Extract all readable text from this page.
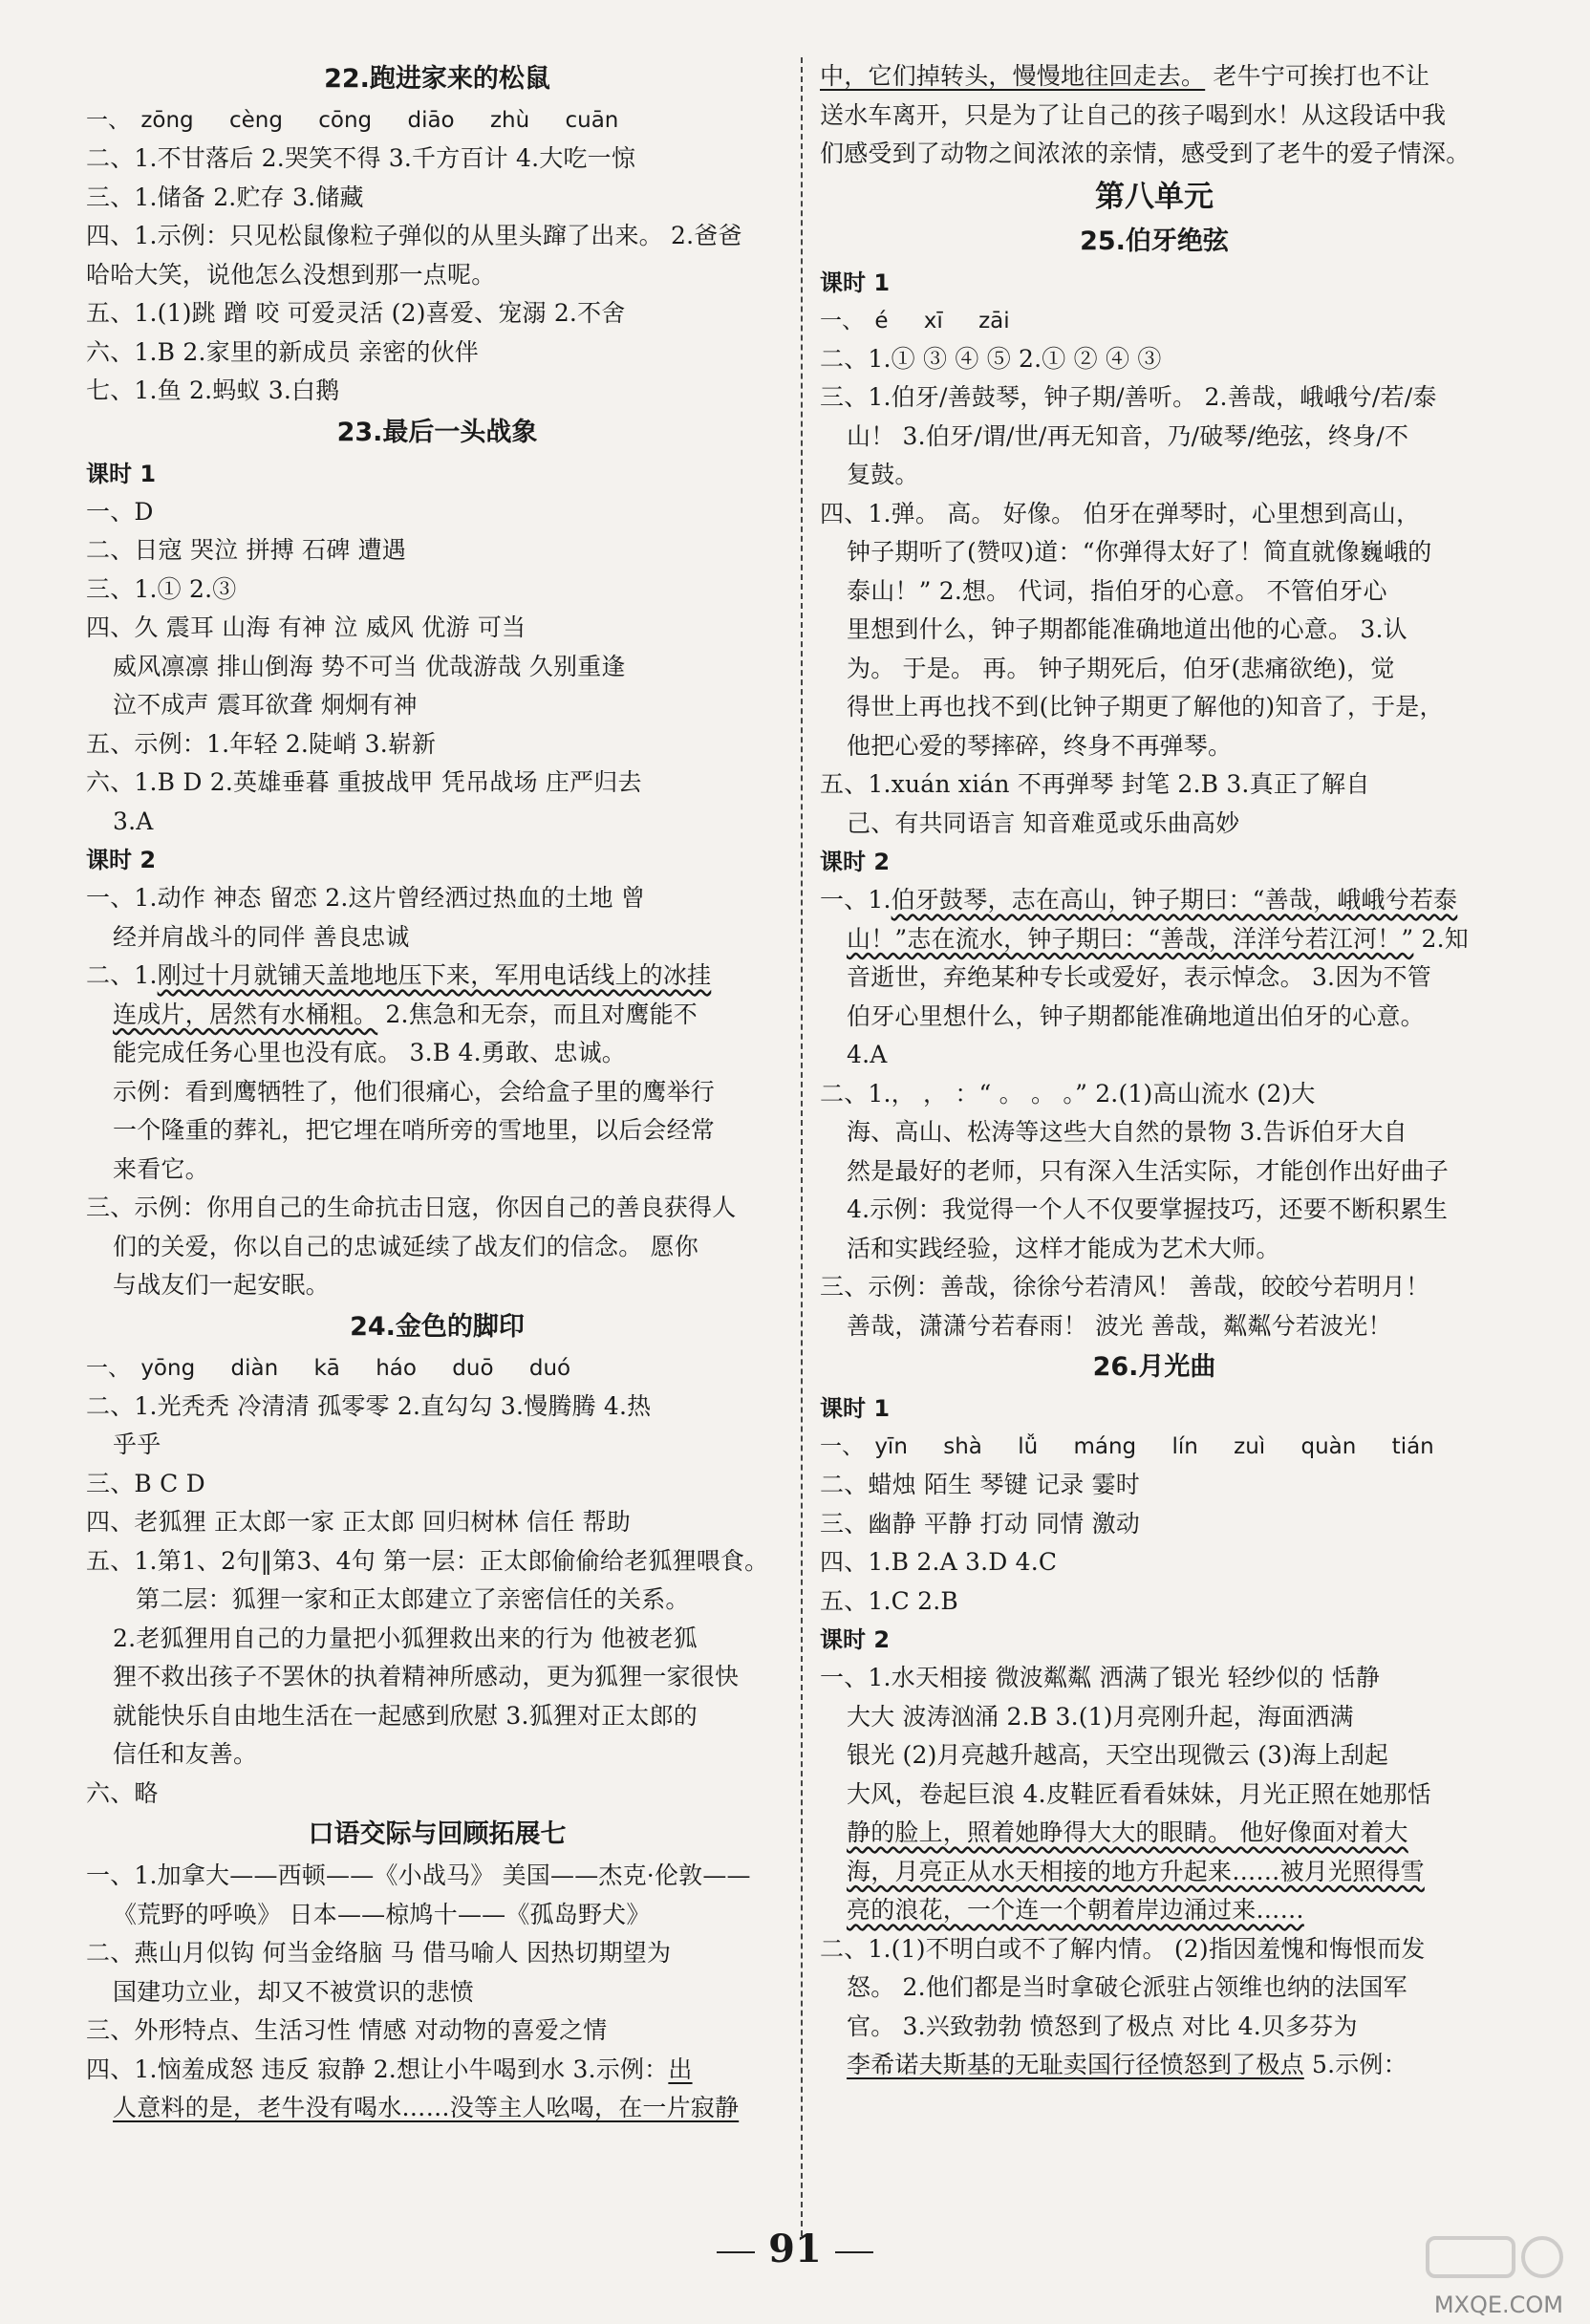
22.跑进家来的松鼠
一、 zōng cèng cōng diāo zhù cuān
二、1.不甘落后 2.哭笑不得 3.千方百计 4.大吃一惊
三、1.储备 2.贮存 3.储藏
四、1.示例：只见松鼠像粒子弹似的从里头蹿了出来。 2.爸爸
哈哈大笑，说他怎么没想到那一点呢。
五、1.(1)跳 蹭 咬 可爱灵活 (2)喜爱、宠溺 2.不舍
六、1.B 2.家里的新成员 亲密的伙伴
七、1.鱼 2.蚂蚁 3.白鹅
23.最后一头战象
课时 1
一、D
二、日寇 哭泣 拼搏 石碑 遭遇
三、1.① 2.③
四、久 震耳 山海 有神 泣 威风 优游 可当
威风凛凛 排山倒海 势不可当 优哉游哉 久别重逢
泣不成声 震耳欲聋 炯炯有神
五、示例：1.年轻 2.陡峭 3.崭新
六、1.B D 2.英雄垂暮 重披战甲 凭吊战场 庄严归去
3.A
课时 2
一、1.动作 神态 留恋 2.这片曾经洒过热血的土地 曾
经并肩战斗的同伴 善良忠诚
二、1.刚过十月就铺天盖地地压下来，军用电话线上的冰挂
连成片，居然有水桶粗。 2.焦急和无奈，而且对鹰能不
能完成任务心里也没有底。 3.B 4.勇敢、忠诚。
示例：看到鹰牺牲了，他们很痛心，会给盒子里的鹰举行
一个隆重的葬礼，把它埋在哨所旁的雪地里，以后会经常
来看它。
三、示例：你用自己的生命抗击日寇，你因自己的善良获得人
们的关爱，你以自己的忠诚延续了战友们的信念。 愿你
与战友们一起安眠。
24.金色的脚印
一、 yōng diàn kā háo duō duó
二、1.光秃秃 冷清清 孤零零 2.直勾勾 3.慢腾腾 4.热
乎乎
三、B C D
四、老狐狸 正太郎一家 正太郎 回归树林 信任 帮助
五、1.第1、2句‖第3、4句 第一层：正太郎偷偷给老狐狸喂食。
第二层：狐狸一家和正太郎建立了亲密信任的关系。
2.老狐狸用自己的力量把小狐狸救出来的行为 他被老狐
狸不救出孩子不罢休的执着精神所感动，更为狐狸一家很快
就能快乐自由地生活在一起感到欣慰 3.狐狸对正太郎的
信任和友善。
六、略
口语交际与回顾拓展七
一、1.加拿大——西顿——《小战马》 美国——杰克·伦敦——
《荒野的呼唤》 日本——椋鸠十——《孤岛野犬》
二、燕山月似钩 何当金络脑 马 借马喻人 因热切期望为
国建功立业，却又不被赏识的悲愤
三、外形特点、生活习性 情感 对动物的喜爱之情
四、1.恼羞成怒 违反 寂静 2.想让小牛喝到水 3.示例：出
人意料的是，老牛没有喝水……没等主人吆喝，在一片寂静
中，它们掉转头，慢慢地往回走去。 老牛宁可挨打也不让
送水车离开，只是为了让自己的孩子喝到水！从这段话中我
们感受到了动物之间浓浓的亲情，感受到了老牛的爱子情深。
第八单元
25.伯牙绝弦
课时 1
一、 é xī zāi
二、1.① ③ ④ ⑤ 2.① ② ④ ③
三、1.伯牙/善鼓琴，钟子期/善听。 2.善哉，峨峨兮/若/泰
山！ 3.伯牙/谓/世/再无知音，乃/破琴/绝弦，终身/不
复鼓。
四、1.弹。 高。 好像。 伯牙在弹琴时，心里想到高山，
钟子期听了(赞叹)道：“你弹得太好了！简直就像巍峨的
泰山！” 2.想。 代词，指伯牙的心意。 不管伯牙心
里想到什么，钟子期都能准确地道出他的心意。 3.认
为。 于是。 再。 钟子期死后，伯牙(悲痛欲绝)，觉
得世上再也找不到(比钟子期更了解他的)知音了，于是，
他把心爱的琴摔碎，终身不再弹琴。
五、1.xuán xián 不再弹琴 封笔 2.B 3.真正了解自
己、有共同语言 知音难觅或乐曲高妙
课时 2
一、1.伯牙鼓琴，志在高山，钟子期曰：“善哉，峨峨兮若泰
山！”志在流水，钟子期曰：“善哉，洋洋兮若江河！” 2.知
音逝世，弃绝某种专长或爱好，表示悼念。 3.因为不管
伯牙心里想什么，钟子期都能准确地道出伯牙的心意。
4.A
二、1.， ， ：“ 。 。 。” 2.(1)高山流水 (2)大
海、高山、松涛等这些大自然的景物 3.告诉伯牙大自
然是最好的老师，只有深入生活实际，才能创作出好曲子
4.示例：我觉得一个人不仅要掌握技巧，还要不断积累生
活和实践经验，这样才能成为艺术大师。
三、示例：善哉，徐徐兮若清风！ 善哉，皎皎兮若明月！
善哉，潇潇兮若春雨！ 波光 善哉，粼粼兮若波光！
26.月光曲
课时 1
一、 yīn shà lǚ máng lín zuì quàn tián
二、蜡烛 陌生 琴键 记录 霎时
三、幽静 平静 打动 同情 激动
四、1.B 2.A 3.D 4.C
五、1.C 2.B
课时 2
一、1.水天相接 微波粼粼 洒满了银光 轻纱似的 恬静
大大 波涛汹涌 2.B 3.(1)月亮刚升起，海面洒满
银光 (2)月亮越升越高，天空出现微云 (3)海上刮起
大风，卷起巨浪 4.皮鞋匠看看妹妹，月光正照在她那恬
静的脸上，照着她睁得大大的眼睛。 他好像面对着大
海，月亮正从水天相接的地方升起来……被月光照得雪
亮的浪花，一个连一个朝着岸边涌过来……
二、1.(1)不明白或不了解内情。 (2)指因羞愧和悔恨而发
怒。 2.他们都是当时拿破仑派驻占领维也纳的法国军
官。 3.兴致勃勃 愤怒到了极点 对比 4.贝多芬为
李希诺夫斯基的无耻卖国行径愤怒到了极点 5.示例：
91
MXQE.COM
